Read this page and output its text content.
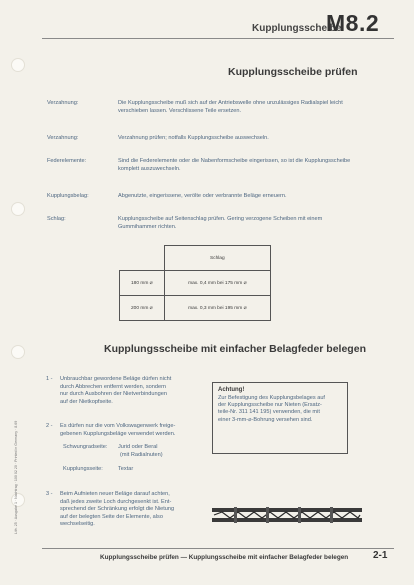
Kupplungsscheibe
M8.2
Kupplungsscheibe prüfen
Verzahnung:	Die Kupplungsscheibe muß sich auf der Antriebswelle ohne unzulässiges Radialspiel leicht verschieben lassen. Verschlissene Teile ersetzen.
Verzahnung:	Verzahnung prüfen; notfalls Kupplungsscheibe auswechseln.
Federelemente:	Sind die Federelemente oder die Nabenformscheibe eingerissen, so ist die Kupplungsscheibe komplett auszuwechseln.
Kupplungsbelag:	Abgenutzte, eingerissene, verölte oder verbrannte Beläge erneuern.
Schlag:	Kupplungsscheibe auf Seitenschlag prüfen. Gering verzogene Scheiben mit einem Gummihammer richten.
	Schlag
180 mm ⌀	max. 0,4 mm bei 175 mm ⌀
200 mm ⌀	max. 0,3 mm bei 195 mm ⌀
Kupplungsscheibe mit einfacher Belagfeder belegen
1 - Unbrauchbar gewordene Beläge dürfen nicht
durch Abbrechen entfernt werden, sondern
nur durch Ausbohren der Nietverbindungen
auf der Nietkopfseite.
2 - Es dürfen nur die vom Volkswagenwerk freige-
gebenen Kupplungsbeläge verwendet werden.
Schwungradseite: Jurid oder Beral
(mit Radialnuten)
Kupplungsseite:	Textar
3 - Beim Aufnieten neuer Beläge darauf achten,
daß jedes zweite Loch durchgesenkt ist. Ent-
sprechend der Schränkung erfolgt die Nietung
auf der belegten Seite der Elemente, also
wechselseitig.
Achtung!
Zur Befestigung des Kupplungsbelages auf
der Kupplungsscheibe nur Nieten (Ersatz-
teile-Nr. 311 141 195) verwenden, die mit
einer 3-mm-⌀-Bohrung versehen sind.
Lith. 25 · Ausgabe 1 · Nachtrag · 100 02 20 · Printed in Germany · 8.69
Kupplungsscheibe prüfen — Kupplungsscheibe mit einfacher Belagfeder belegen 2-1
